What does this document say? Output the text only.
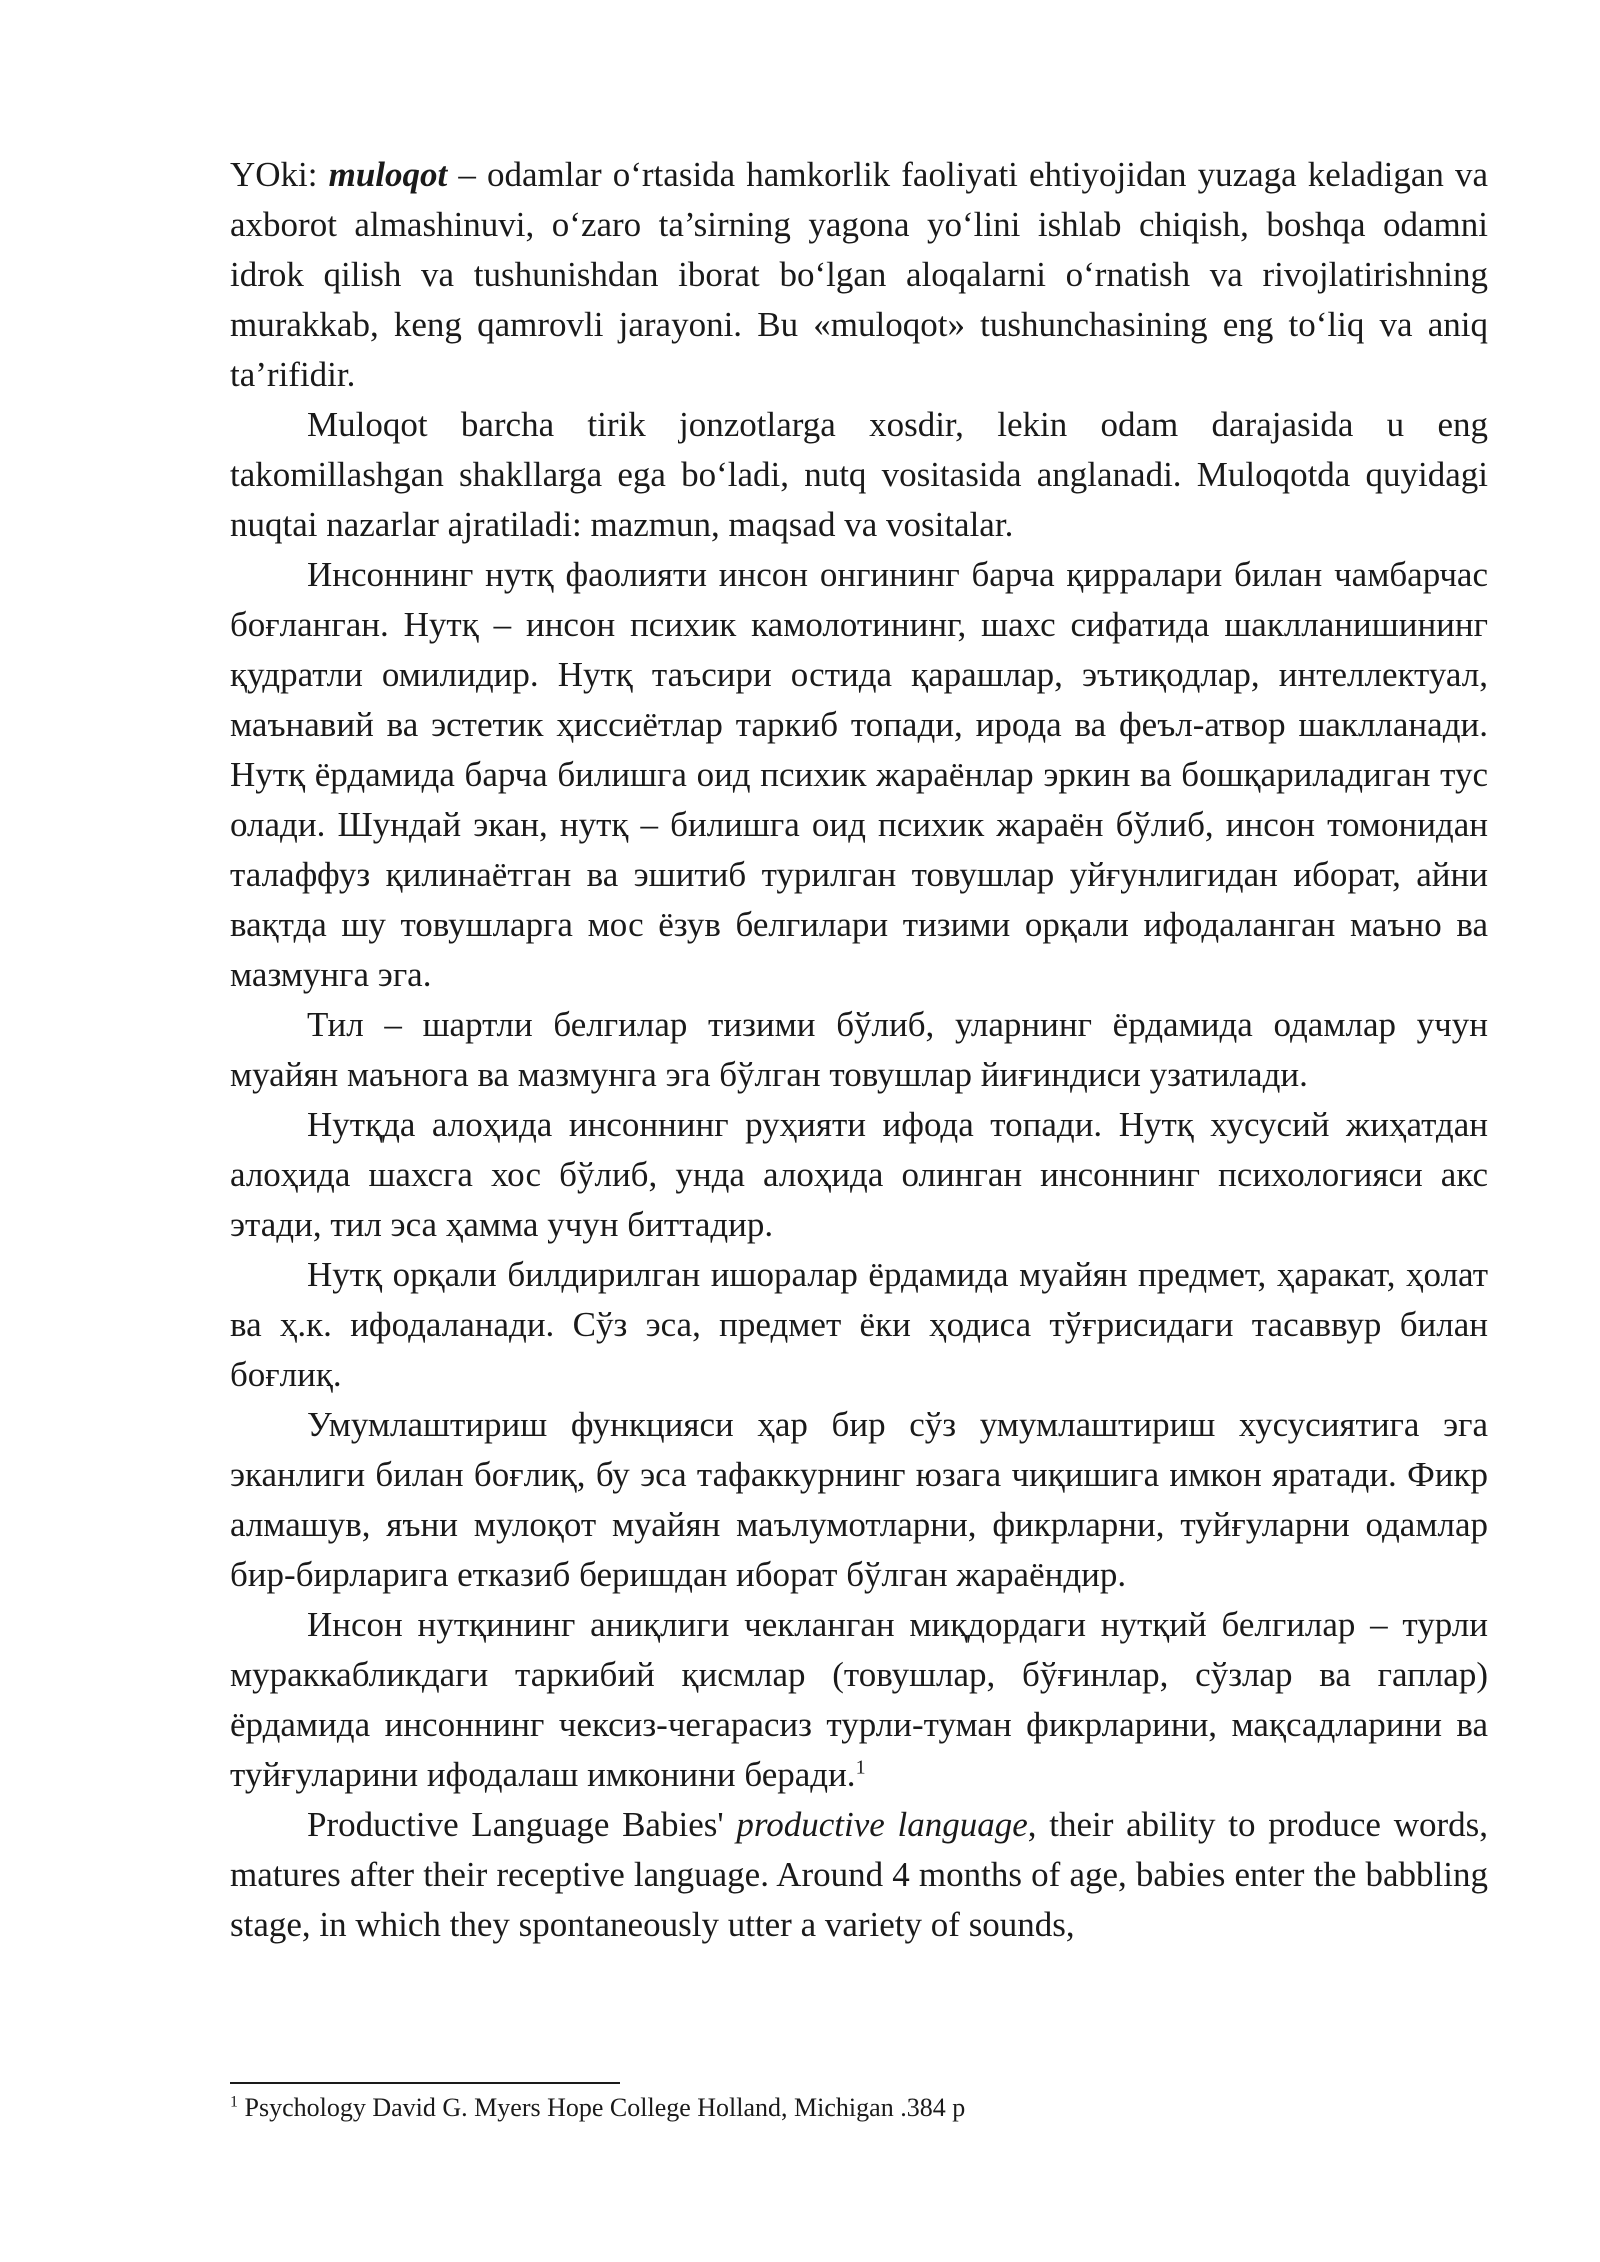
YOki: muloqot – odamlar o‘rtasida hamkorlik faoliyati ehtiyojidan yuzaga keladigan va axborot almashinuvi, o‘zaro ta’sirning yagona yo‘lini ishlab chiqish, boshqa odamni idrok qilish va tushunishdan iborat bo‘lgan aloqalarni o‘rnatish va rivojlatirishning murakkab, keng qamrovli jarayoni. Bu «muloqot» tushunchasining eng to‘liq va aniq ta’rifidir.

Muloqot barcha tirik jonzotlarga xosdir, lekin odam darajasida u eng takomillashgan shakllarga ega bo‘ladi, nutq vositasida anglanadi. Muloqotda quyidagi nuqtai nazarlar ajratiladi: mazmun, maqsad va vositalar.

Инсоннинг нутқ фаолияти инсон онгининг барча қирралари билан чамбарчас боғланган. Нутқ – инсон психик камолотининг, шахс сифатида шаклланишининг қудратли омилидир. Нутқ таъсири остида қарашлар, эътиқодлар, интеллектуал, маънавий ва эстетик ҳиссиётлар таркиб топади, ирода ва феъл-атвор шаклланади. Нутқ ёрдамида барча билишга оид психик жараёнлар эркин ва бошқариладиган тус олади. Шундай экан, нутқ – билишга оид психик жараён бўлиб, инсон томонидан талаффуз қилинаётган ва эшитиб турилган товушлар уйғунлигидан иборат, айни вақтда шу товушларга мос ёзув белгилари тизими орқали ифодаланган маъно ва мазмунга эга.

Тил – шартли белгилар тизими бўлиб, уларнинг ёрдамида одамлар учун муайян маънога ва мазмунга эга бўлган товушлар йиғиндиси узатилади.

Нутқда алоҳида инсоннинг руҳияти ифода топади. Нутқ хусусий жиҳатдан алоҳида шахсга хос бўлиб, унда алоҳида олинган инсоннинг психологияси акс этади, тил эса ҳамма учун биттадир.

Нутқ орқали билдирилган ишоралар ёрдамида муайян предмет, ҳаракат, ҳолат ва ҳ.к. ифодаланади. Сўз эса, предмет ёки ҳодиса тўғрисидаги тасаввур билан боғлиқ.

Умумлаштириш функцияси ҳар бир сўз умумлаштириш хусусиятига эга эканлиги билан боғлиқ, бу эса тафаккурнинг юзага чиқишига имкон яратади. Фикр алмашув, яъни мулоқот муайян маълумотларни, фикрларни, туйғуларни одамлар бир-бирларига етказиб беришдан иборат бўлган жараёндир.

Инсон нутқининг аниқлиги чекланган миқдордаги нутқий белгилар – турли мураккабликдаги таркибий қисмлар (товушлар, бўғинлар, сўзлар ва гаплар) ёрдамида инсоннинг чексиз-чегарасиз турли-туман фикрларини, мақсадларини ва туйғуларини ифодалаш имконини беради.$^1$

Productive Language Babies' productive language, their ability to produce words, matures after their receptive language. Around 4 months of age, babies enter the babbling stage, in which they spontaneously utter a variety of sounds,

$^1$ Psychology David G. Myers Hope College Holland, Michigan .384 p
